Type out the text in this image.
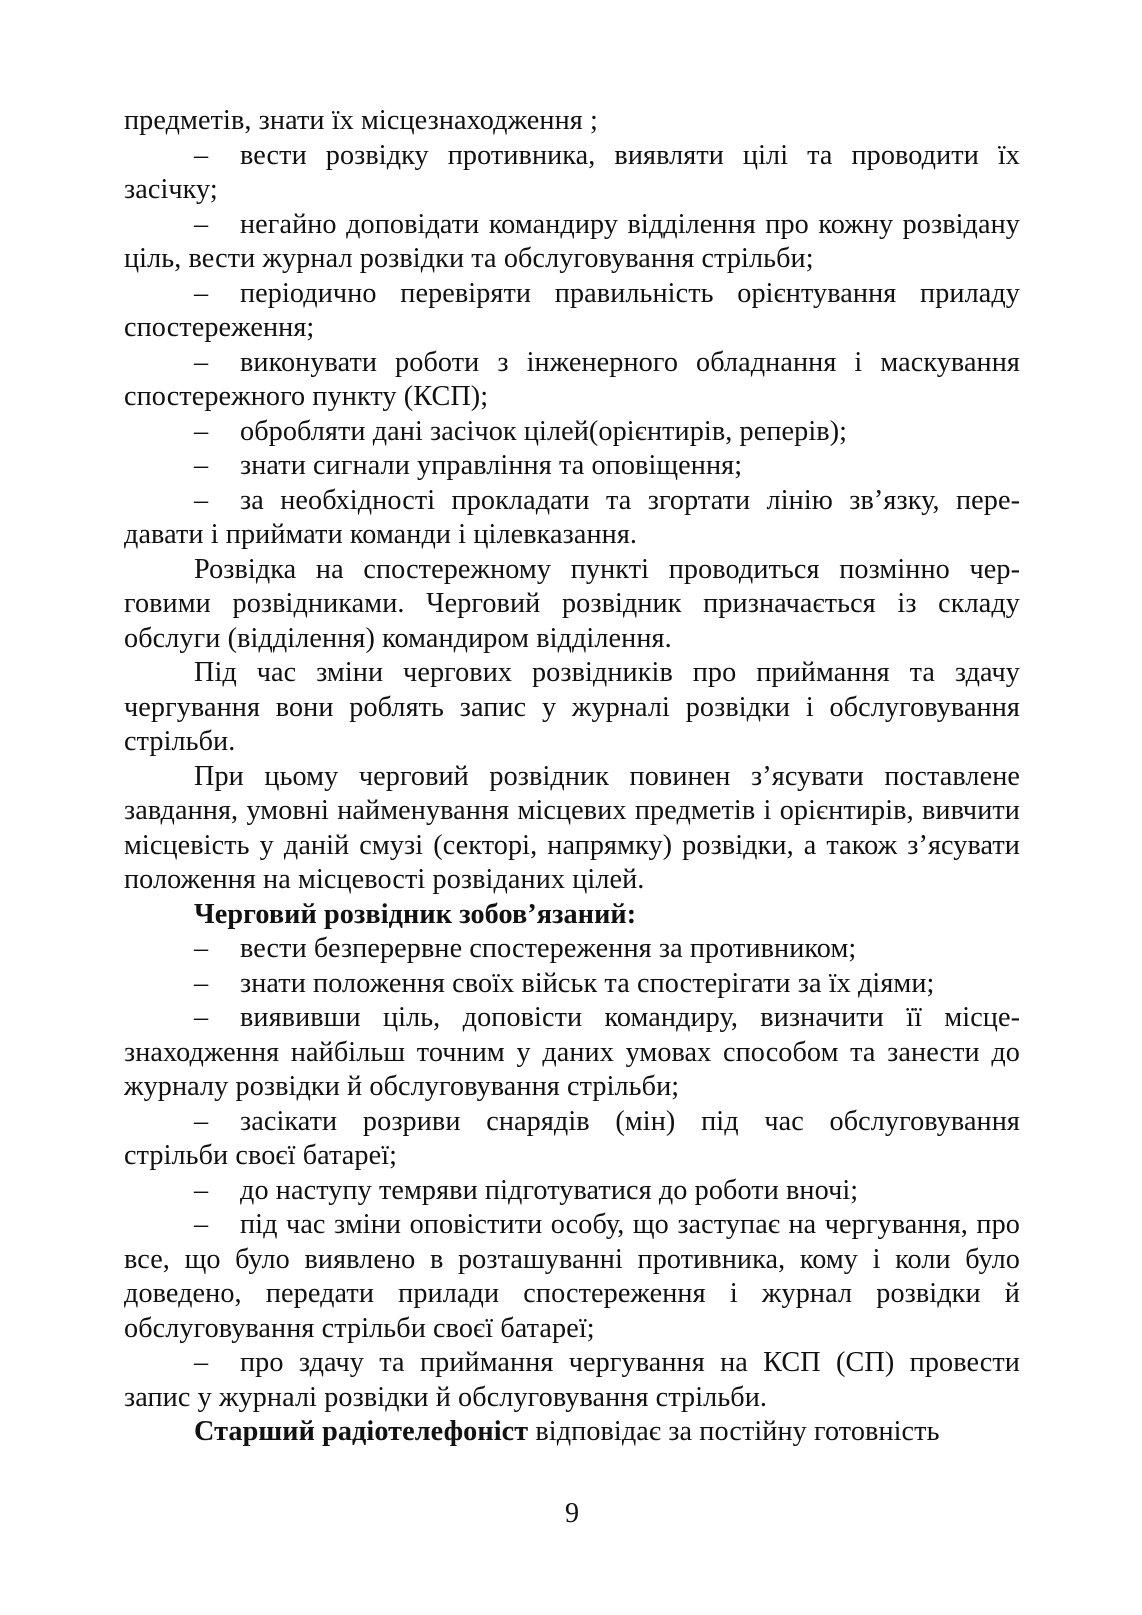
предметів, знати їх місцезнаходження ;

– вести розвідку противника, виявляти цілі та проводити їх засічку;

– негайно доповідати командиру відділення про кожну розвідану ціль, вести журнал розвідки та обслуговування стрільби;

– періодично перевіряти правильність орієнтування приладу спостереження;

– виконувати роботи з інженерного обладнання і маскування спостережного пункту (КСП);

– обробляти дані засічок цілей(орієнтирів, реперів);

– знати сигнали управління та оповіщення;

– за необхідності прокладати та згортати лінію зв’язку, передавати і приймати команди і цілевказання.

Розвідка на спостережному пункті проводиться позмінно черговими розвідниками. Черговий розвідник призначається із складу обслуги (відділення) командиром відділення.

Під час зміни чергових розвідників про приймання та здачу чергування вони роблять запис у журналі розвідки і обслуговування стрільби.

При цьому черговий розвідник повинен з’ясувати поставлене завдання, умовні найменування місцевих предметів і орієнтирів, вивчити місцевість у даній смузі (секторі, напрямку) розвідки, а також з’ясувати положення на місцевості розвіданих цілей.

Черговий розвідник зобов’язаний:

– вести безперервне спостереження за противником;

– знати положення своїх військ та спостерігати за їх діями;

– виявивши ціль, доповісти командиру, визначити її місцезнаходження найбільш точним у даних умовах способом та занести до журналу розвідки й обслуговування стрільби;

– засікати розриви снарядів (мін) під час обслуговування стрільби своєї батареї;

– до наступу темряви підготуватися до роботи вночі;

– під час зміни оповістити особу, що заступає на чергування, про все, що було виявлено в розташуванні противника, кому і коли було доведено, передати прилади спостереження і журнал розвідки й обслуговування стрільби своєї батареї;

– про здачу та приймання чергування на КСП (СП) провести запис у журналі розвідки й обслуговування стрільби.

Старший радіотелефоніст відповідає за постійну готовність

9
